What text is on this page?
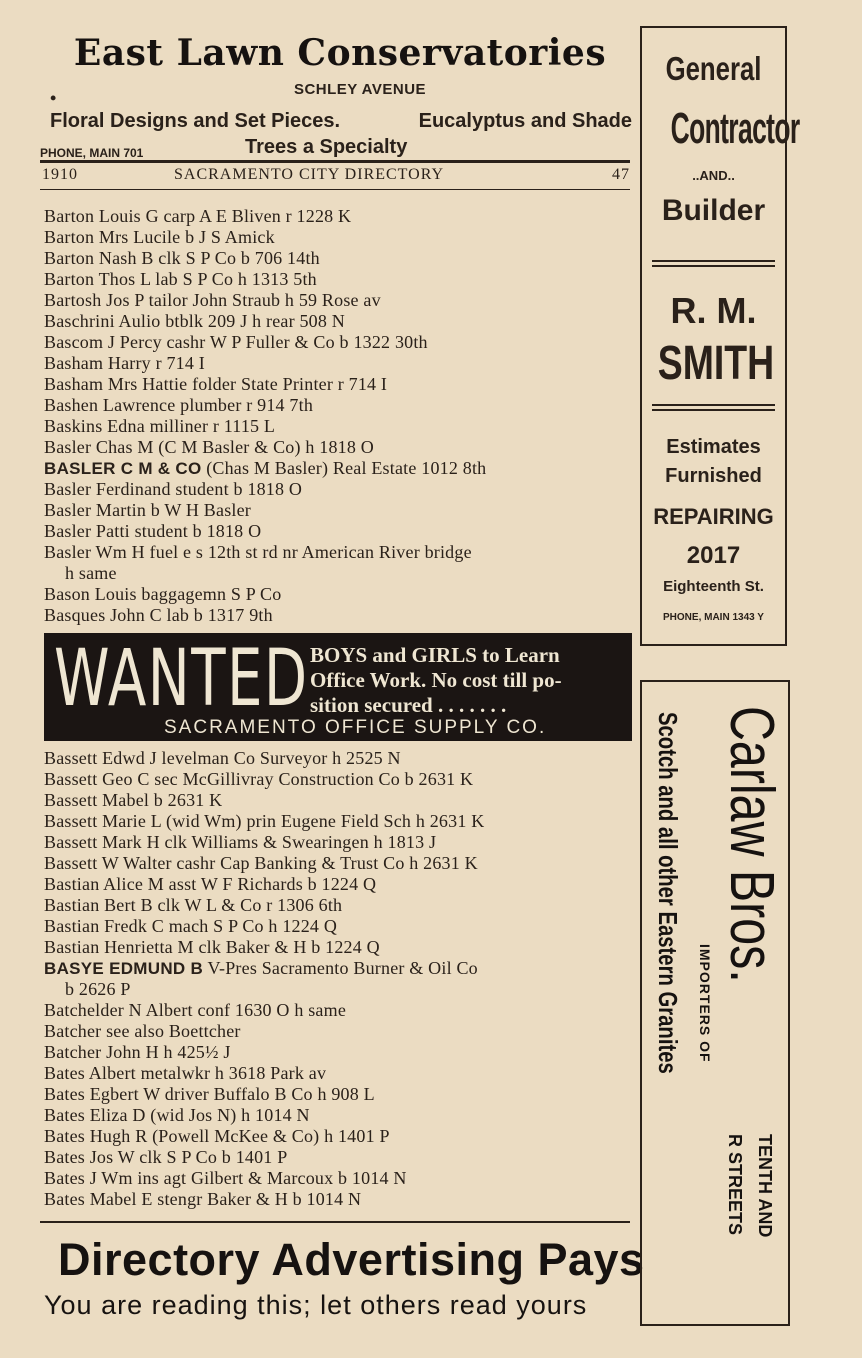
East Lawn Conservatories
•	SCHLEY AVENUE
Floral Designs and Set Pieces.	Eucalyptus and Shade
PHONE, MAIN 701	Trees a Specialty
1910	SACRAMENTO CITY DIRECTORY	47
Barton Louis G carp A E Bliven r 1228 K
Barton Mrs Lucile b J S Amick
Barton Nash B clk S P Co b 706 14th
Barton Thos L lab S P Co h 1313 5th
Bartosh Jos P tailor John Straub h 59 Rose av
Baschrini Aulio btblk 209 J h rear 508 N
Bascom J Percy cashr W P Fuller & Co b 1322 30th
Basham Harry r 714 I
Basham Mrs Hattie folder State Printer r 714 I
Bashen Lawrence plumber r 914 7th
Baskins Edna milliner r 1115 L
Basler Chas M (C M Basler & Co) h 1818 O
BASLER C M & CO (Chas M Basler) Real Estate 1012 8th
Basler Ferdinand student b 1818 O
Basler Martin b W H Basler
Basler Patti student b 1818 O
Basler Wm H fuel e s 12th st rd nr American River bridge
h same
Bason Louis baggagemn S P Co
Basques John C lab b 1317 9th
WANTED BOYS and GIRLS to Learn
Office Work. No cost till po-
sition secured . . . . . . .
SACRAMENTO OFFICE SUPPLY CO.
Bassett Edwd J levelman Co Surveyor h 2525 N
Bassett Geo C sec McGillivray Construction Co b 2631 K
Bassett Mabel b 2631 K
Bassett Marie L (wid Wm) prin Eugene Field Sch h 2631 K
Bassett Mark H clk Williams & Swearingen h 1813 J
Bassett W Walter cashr Cap Banking & Trust Co h 2631 K
Bastian Alice M asst W F Richards b 1224 Q
Bastian Bert B clk W L & Co r 1306 6th
Bastian Fredk C mach S P Co h 1224 Q
Bastian Henrietta M clk Baker & H b 1224 Q
BASYE EDMUND B V-Pres Sacramento Burner & Oil Co
b 2626 P
Batchelder N Albert conf 1630 O h same
Batcher see also Boettcher
Batcher John H h 425½ J
Bates Albert metalwkr h 3618 Park av
Bates Egbert W driver Buffalo B Co h 908 L
Bates Eliza D (wid Jos N) h 1014 N
Bates Hugh R (Powell McKee & Co) h 1401 P
Bates Jos W clk S P Co b 1401 P
Bates J Wm ins agt Gilbert & Marcoux b 1014 N
Bates Mabel E stengr Baker & H b 1014 N
Directory Advertising Pays
You are reading this; let others read yours
General
Contractor
..AND..
Builder
R. M.
SMITH
Estimates
Furnished
REPAIRING
2017
Eighteenth St.
PHONE, MAIN 1343 Y
Carlaw Bros.
Scotch and all other Eastern Granites IMPORTERS OF
TENTH AND
R STREETS
